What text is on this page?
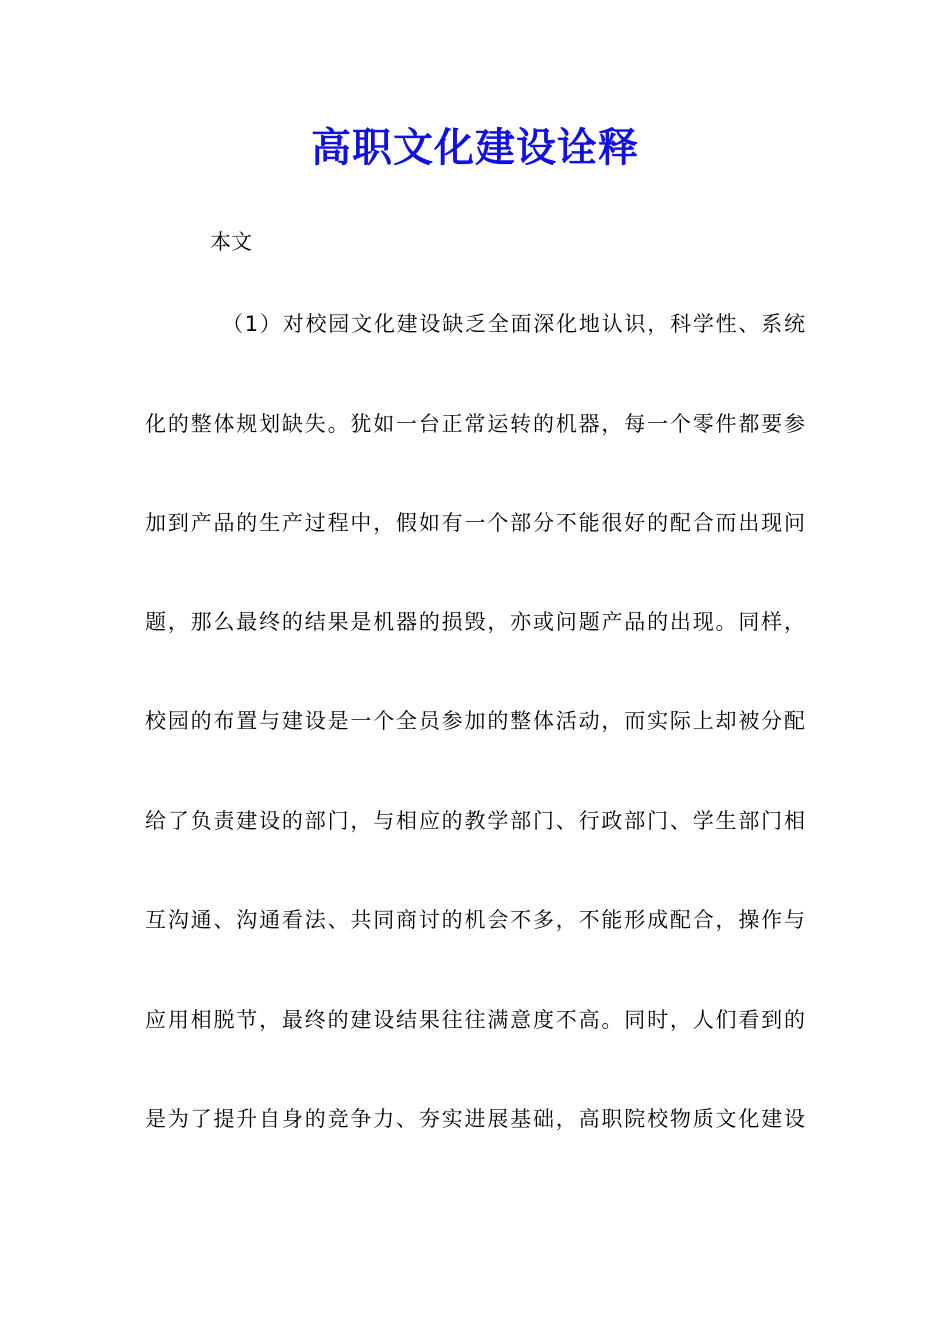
高职文化建设诠释
本文
（1）对校园文化建设缺乏全面深化地认识，科学性、系统
化的整体规划缺失。犹如一台正常运转的机器，每一个零件都要参
加到产品的生产过程中，假如有一个部分不能很好的配合而出现问
题，那么最终的结果是机器的损毁，亦或问题产品的出现。同样，
校园的布置与建设是一个全员参加的整体活动，而实际上却被分配
给了负责建设的部门，与相应的教学部门、行政部门、学生部门相
互沟通、沟通看法、共同商讨的机会不多，不能形成配合，操作与
应用相脱节，最终的建设结果往往满意度不高。同时，人们看到的
是为了提升自身的竞争力、夯实进展基础，高职院校物质文化建设
